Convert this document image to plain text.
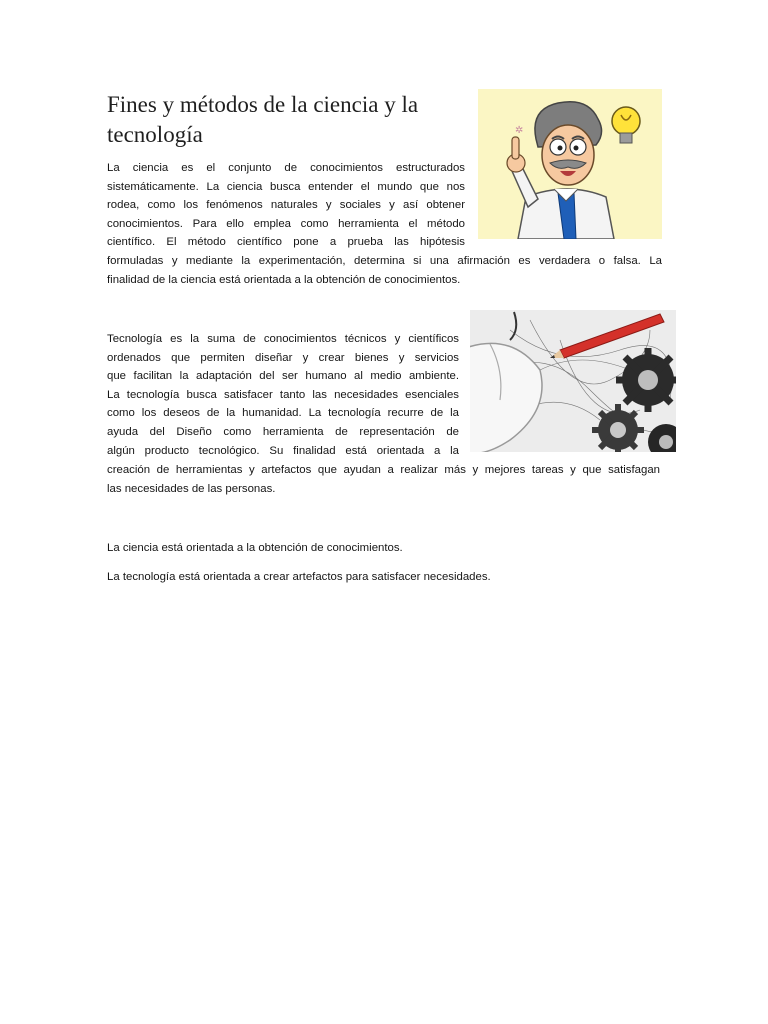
Fines y métodos de la ciencia y la
tecnología	✲
La ciencia es el conjunto de conocimientos estructurados
sistemáticamente. La ciencia busca entender el mundo que nos
rodea, como los fenómenos naturales y sociales y así obtener
conocimientos. Para ello emplea como herramienta el método
científico. El método científico pone a prueba las hipótesis
formuladas y mediante la experimentación, determina si una afirmación es verdadera o falsa. La
finalidad de la ciencia está orientada a la obtención de conocimientos.
Tecnología es la suma de conocimientos técnicos y científicos
ordenados que permiten diseñar y crear bienes y servicios
que facilitan la adaptación del ser humano al medio ambiente.
La tecnología busca satisfacer tanto las necesidades esenciales
como los deseos de la humanidad. La tecnología recurre de la
ayuda del Diseño como herramienta de representación de
algún producto tecnológico. Su finalidad está orientada a la
creación de herramientas y artefactos que ayudan a realizar más y mejores tareas y que satisfagan
las necesidades de las personas.

La ciencia está orientada a la obtención de conocimientos.

La tecnología está orientada a crear artefactos para satisfacer necesidades.
